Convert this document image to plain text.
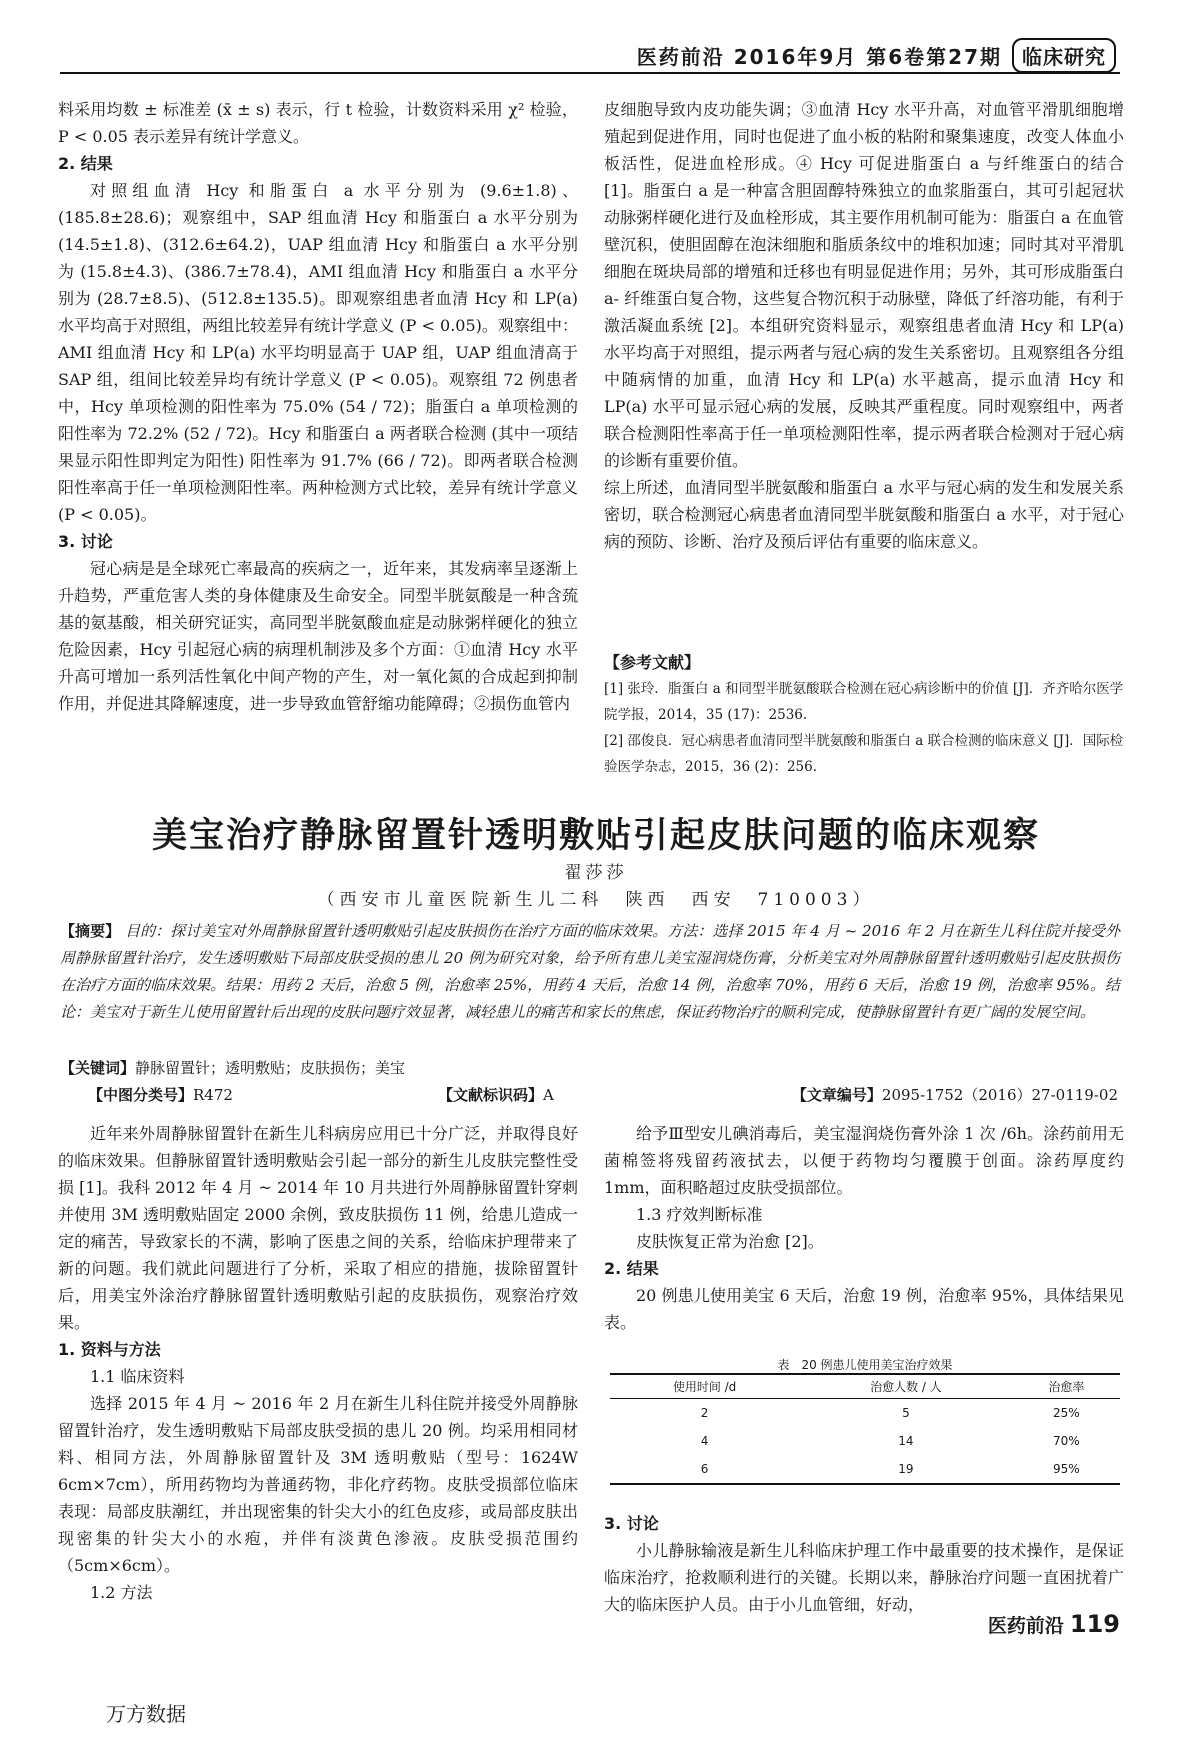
医药前沿 2016年9月 第6卷第27期	临床研究

料采用均数 ± 标准差 (x̄ ± s) 表示，行 t 检验，计数资料采用 χ² 检验，P < 0.05 表示差异有统计学意义。

2. 结果

对照组血清 Hcy 和脂蛋白 a 水平分别为 (9.6±1.8)、(185.8±28.6)；观察组中，SAP 组血清 Hcy 和脂蛋白 a 水平分别为 (14.5±1.8)、(312.6±64.2)，UAP 组血清 Hcy 和脂蛋白 a 水平分别为 (15.8±4.3)、(386.7±78.4)，AMI 组血清 Hcy 和脂蛋白 a 水平分别为 (28.7±8.5)、(512.8±135.5)。即观察组患者血清 Hcy 和 LP(a) 水平均高于对照组，两组比较差异有统计学意义 (P < 0.05)。观察组中：AMI 组血清 Hcy 和 LP(a) 水平均明显高于 UAP 组，UAP 组血清高于 SAP 组，组间比较差异均有统计学意义 (P < 0.05)。观察组 72 例患者中，Hcy 单项检测的阳性率为 75.0% (54 / 72)；脂蛋白 a 单项检测的阳性率为 72.2% (52 / 72)。Hcy 和脂蛋白 a 两者联合检测 (其中一项结果显示阳性即判定为阳性) 阳性率为 91.7% (66 / 72)。即两者联合检测阳性率高于任一单项检测阳性率。两种检测方式比较，差异有统计学意义 (P < 0.05)。

3. 讨论

冠心病是是全球死亡率最高的疾病之一，近年来，其发病率呈逐渐上升趋势，严重危害人类的身体健康及生命安全。同型半胱氨酸是一种含巯基的氨基酸，相关研究证实，高同型半胱氨酸血症是动脉粥样硬化的独立危险因素，Hcy 引起冠心病的病理机制涉及多个方面：①血清 Hcy 水平升高可增加一系列活性氧化中间产物的产生，对一氧化氮的合成起到抑制作用，并促进其降解速度，进一步导致血管舒缩功能障碍；②损伤血管内

皮细胞导致内皮功能失调；③血清 Hcy 水平升高，对血管平滑肌细胞增殖起到促进作用，同时也促进了血小板的粘附和聚集速度，改变人体血小板活性，促进血栓形成。④ Hcy 可促进脂蛋白 a 与纤维蛋白的结合 [1]。脂蛋白 a 是一种富含胆固醇特殊独立的血浆脂蛋白，其可引起冠状动脉粥样硬化进行及血栓形成，其主要作用机制可能为：脂蛋白 a 在血管壁沉积，使胆固醇在泡沫细胞和脂质条纹中的堆积加速；同时其对平滑肌细胞在斑块局部的增殖和迁移也有明显促进作用；另外，其可形成脂蛋白 a- 纤维蛋白复合物，这些复合物沉积于动脉壁，降低了纤溶功能，有利于激活凝血系统 [2]。本组研究资料显示，观察组患者血清 Hcy 和 LP(a) 水平均高于对照组，提示两者与冠心病的发生关系密切。且观察组各分组中随病情的加重，血清 Hcy 和 LP(a) 水平越高，提示血清 Hcy 和 LP(a) 水平可显示冠心病的发展，反映其严重程度。同时观察组中，两者联合检测阳性率高于任一单项检测阳性率，提示两者联合检测对于冠心病的诊断有重要价值。

综上所述，血清同型半胱氨酸和脂蛋白 a 水平与冠心病的发生和发展关系密切，联合检测冠心病患者血清同型半胱氨酸和脂蛋白 a 水平，对于冠心病的预防、诊断、治疗及预后评估有重要的临床意义。

【参考文献】
[1] 张玲．脂蛋白 a 和同型半胱氨酸联合检测在冠心病诊断中的价值 [J]．齐齐哈尔医学院学报，2014，35 (17)：2536.
[2] 邵俊良．冠心病患者血清同型半胱氨酸和脂蛋白 a 联合检测的临床意义 [J]．国际检验医学杂志，2015，36 (2)：256.
美宝治疗静脉留置针透明敷贴引起皮肤问题的临床观察
翟莎莎
（西安市儿童医院新生儿二科　陕西　西安　710003）
【摘要】 目的：探讨美宝对外周静脉留置针透明敷贴引起皮肤损伤在治疗方面的临床效果。方法：选择 2015 年 4 月 ~ 2016 年 2 月在新生儿科住院并接受外周静脉留置针治疗，发生透明敷贴下局部皮肤受损的患儿 20 例为研究对象，给予所有患儿美宝湿润烧伤膏，分析美宝对外周静脉留置针透明敷贴引起皮肤损伤在治疗方面的临床效果。结果：用药 2 天后，治愈 5 例，治愈率 25%，用药 4 天后，治愈 14 例，治愈率 70%，用药 6 天后，治愈 19 例，治愈率 95%。结论：美宝对于新生儿使用留置针后出现的皮肤问题疗效显著，减轻患儿的痛苦和家长的焦虑，保证药物治疗的顺利完成，使静脉留置针有更广阔的发展空间。
【关键词】静脉留置针；透明敷贴；皮肤损伤；美宝
【中图分类号】R472	【文献标识码】A	【文章编号】2095-1752（2016）27-0119-02

近年来外周静脉留置针在新生儿科病房应用已十分广泛，并取得良好的临床效果。但静脉留置针透明敷贴会引起一部分的新生儿皮肤完整性受损 [1]。我科 2012 年 4 月 ~ 2014 年 10 月共进行外周静脉留置针穿刺并使用 3M 透明敷贴固定 2000 余例，致皮肤损伤 11 例，给患儿造成一定的痛苦，导致家长的不满，影响了医患之间的关系，给临床护理带来了新的问题。我们就此问题进行了分析，采取了相应的措施，拔除留置针后，用美宝外涂治疗静脉留置针透明敷贴引起的皮肤损伤，观察治疗效果。

1. 资料与方法
1.1 临床资料

选择 2015 年 4 月 ~ 2016 年 2 月在新生儿科住院并接受外周静脉留置针治疗，发生透明敷贴下局部皮肤受损的患儿 20 例。均采用相同材料、相同方法，外周静脉留置针及 3M 透明敷贴（型号：1624W 6cm×7cm），所用药物均为普通药物，非化疗药物。皮肤受损部位临床表现：局部皮肤潮红，并出现密集的针尖大小的红色皮疹，或局部皮肤出现密集的针尖大小的水疱，并伴有淡黄色渗液。皮肤受损范围约（5cm×6cm）。

1.2 方法

给予Ⅲ型安儿碘消毒后，美宝湿润烧伤膏外涂 1 次 /6h。涂药前用无菌棉签将残留药液拭去，以便于药物均匀覆膜于创面。涂药厚度约 1mm，面积略超过皮肤受损部位。

1.3 疗效判断标准

皮肤恢复正常为治愈 [2]。

2. 结果

20 例患儿使用美宝 6 天后，治愈 19 例，治愈率 95%，具体结果见表。

表　20 例患儿使用美宝治疗效果
使用时间 /d	治愈人数 / 人	治愈率
2	5	25%
4	14	70%
6	19	95%
3. 讨论

小儿静脉输液是新生儿科临床护理工作中最重要的技术操作，是保证临床治疗，抢救顺利进行的关键。长期以来，静脉治疗问题一直困扰着广大的临床医护人员。由于小儿血管细，好动，

医药前沿 119
万方数据
